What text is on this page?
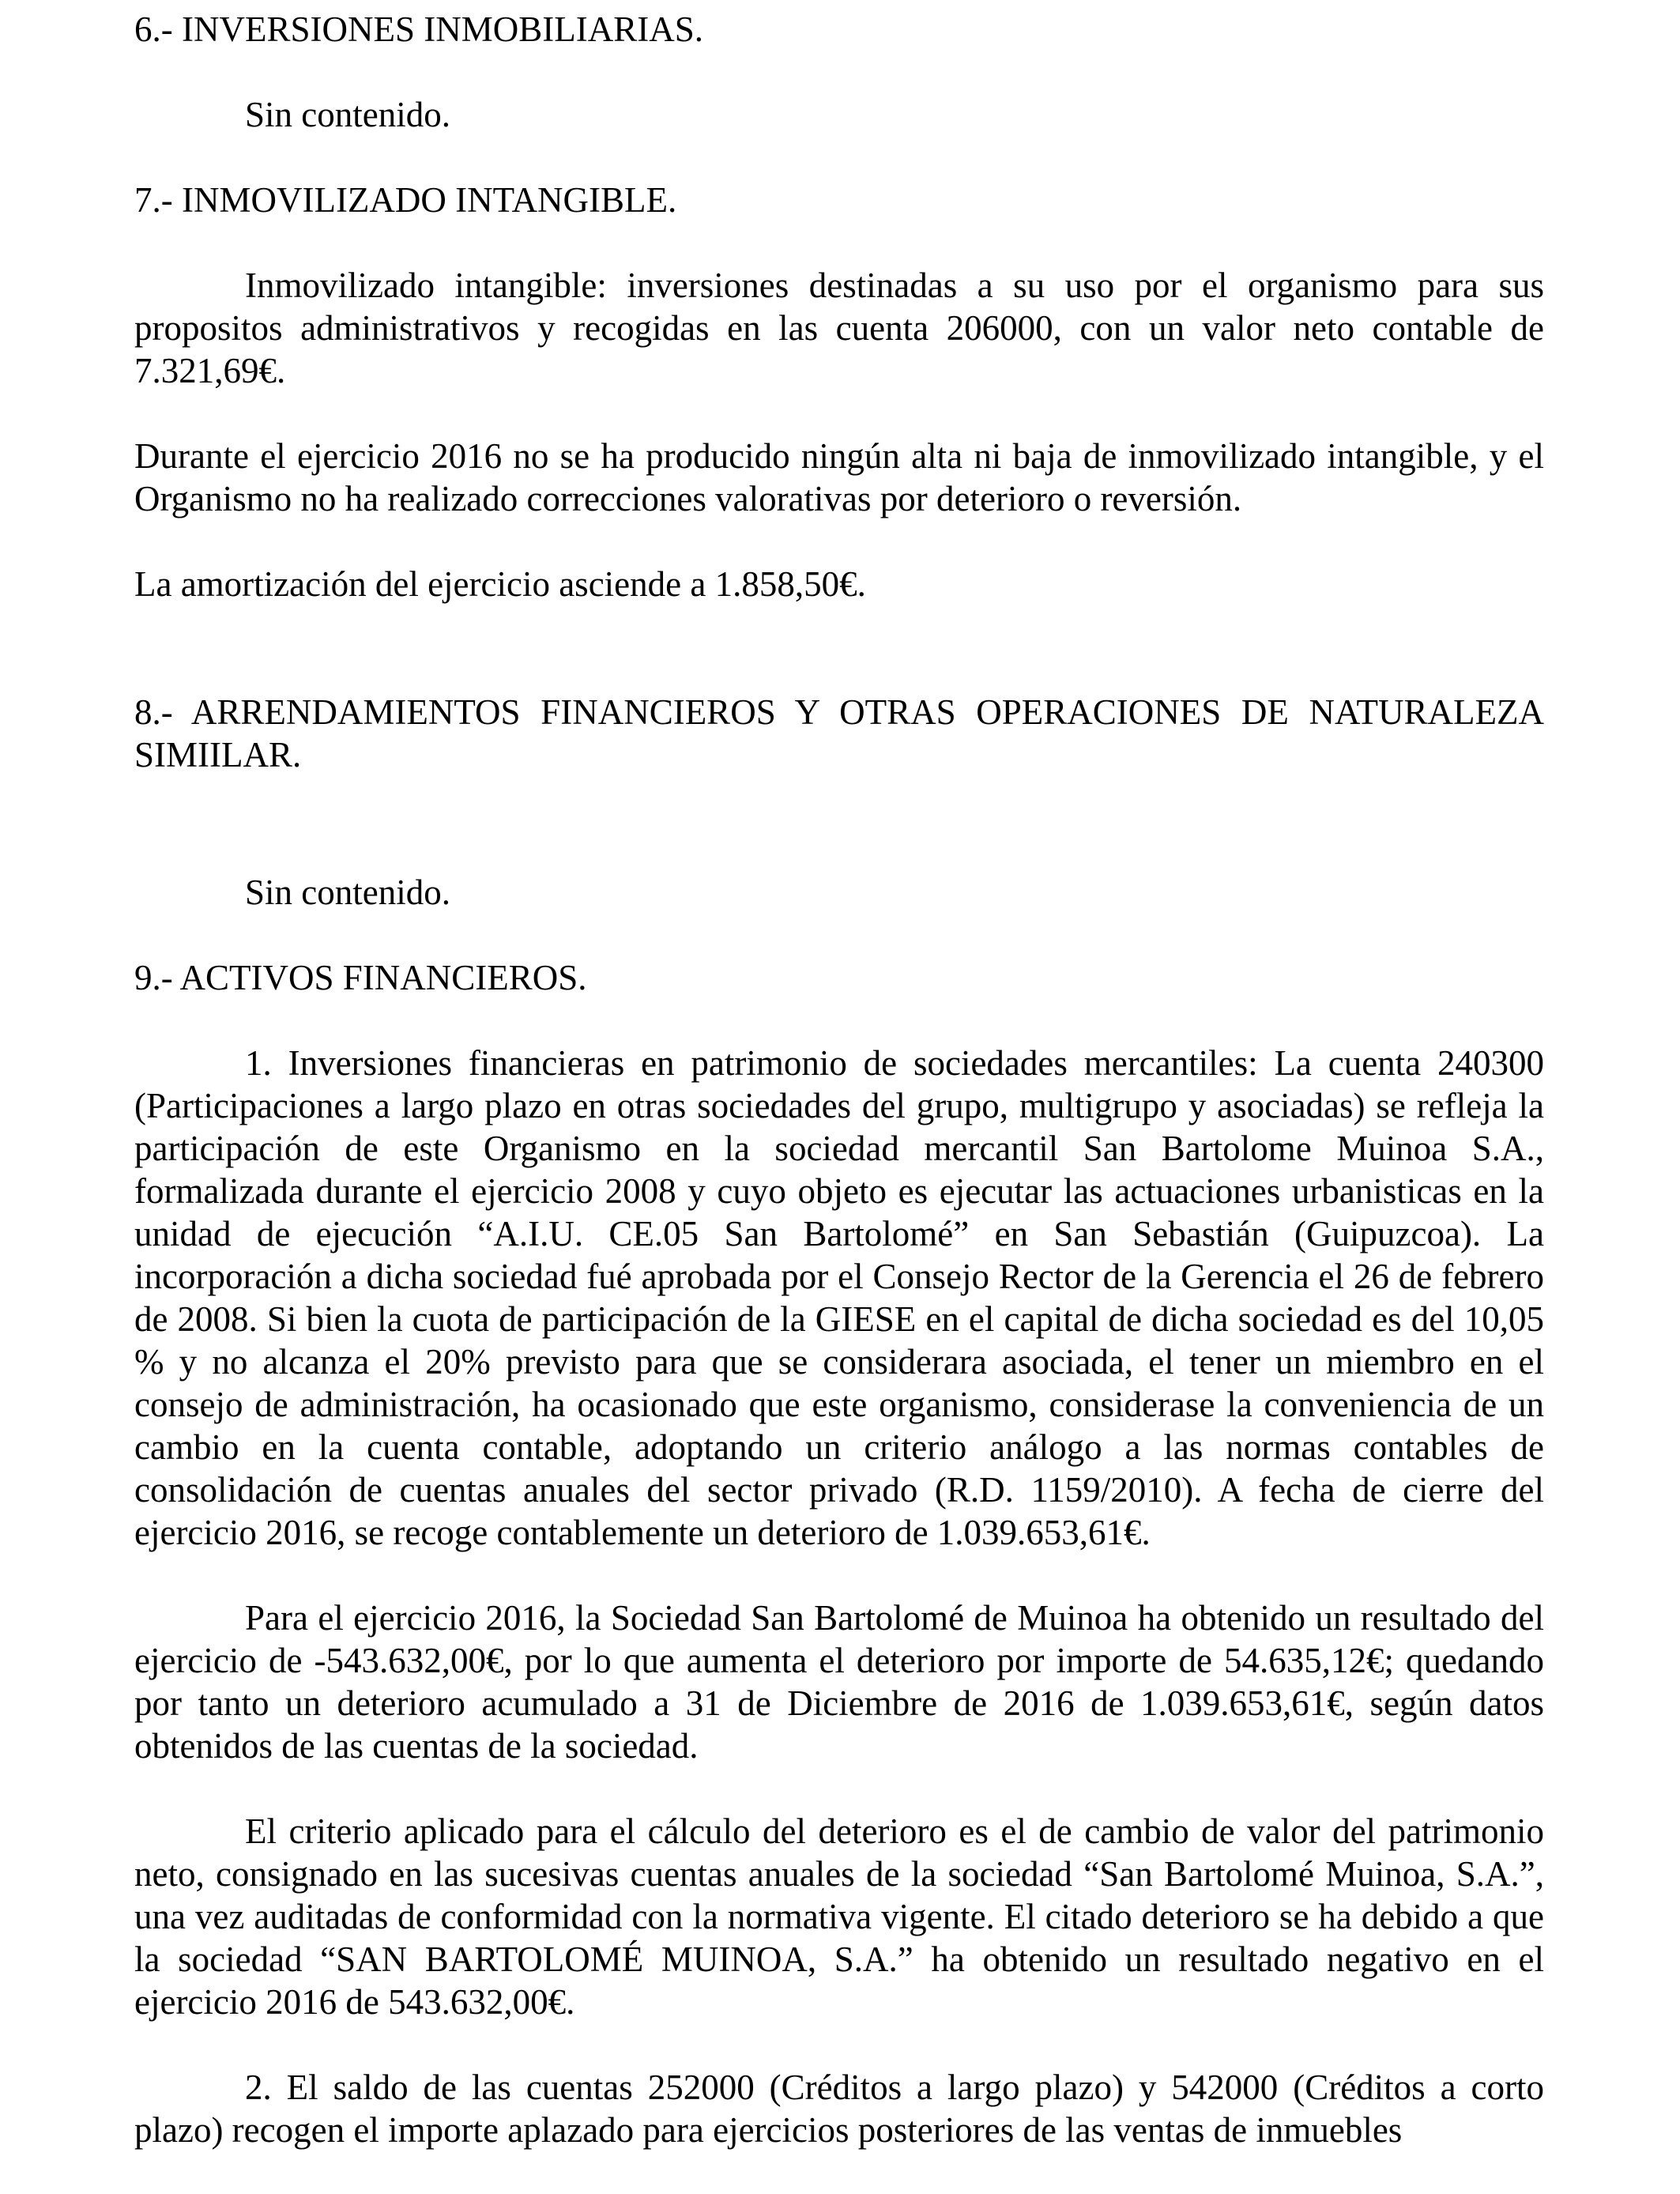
6.- INVERSIONES INMOBILIARIAS.

Sin contenido.

7.- INMOVILIZADO INTANGIBLE.

Inmovilizado intangible: inversiones destinadas a su uso por el organismo para sus propositos administrativos y recogidas en las cuenta 206000, con un valor neto contable de 7.321,69€.

Durante el ejercicio 2016 no se ha producido ningún alta ni baja de inmovilizado intangible, y el Organismo no ha realizado correcciones valorativas por deterioro o reversión.

La amortización del ejercicio asciende a 1.858,50€.

8.- ARRENDAMIENTOS FINANCIEROS Y OTRAS OPERACIONES DE NATURALEZA SIMIILAR.

Sin contenido.

9.- ACTIVOS FINANCIEROS.

1. Inversiones financieras en patrimonio de sociedades mercantiles: La cuenta 240300 (Participaciones a largo plazo en otras sociedades del grupo, multigrupo y asociadas) se refleja la participación de este Organismo en la sociedad mercantil San Bartolome Muinoa S.A., formalizada durante el ejercicio 2008 y cuyo objeto es ejecutar las actuaciones urbanisticas en la unidad de ejecución “A.I.U. CE.05 San Bartolomé” en San Sebastián (Guipuzcoa). La incorporación a dicha sociedad fué aprobada por el Consejo Rector de la Gerencia el 26 de febrero de 2008. Si bien la cuota de participación de la GIESE en el capital de dicha sociedad es del 10,05 % y no alcanza el 20% previsto para que se considerara asociada, el tener un miembro en el consejo de administración, ha ocasionado que este organismo, considerase la conveniencia de un cambio en la cuenta contable, adoptando un criterio análogo a las normas contables de consolidación de cuentas anuales del sector privado (R.D. 1159/2010). A fecha de cierre del ejercicio 2016, se recoge contablemente un deterioro de 1.039.653,61€.

Para el ejercicio 2016, la Sociedad San Bartolomé de Muinoa ha obtenido un resultado del ejercicio de -543.632,00€, por lo que aumenta el deterioro por importe de 54.635,12€; quedando por tanto un deterioro acumulado a 31 de Diciembre de 2016 de 1.039.653,61€, según datos obtenidos de las cuentas de la sociedad.

El criterio aplicado para el cálculo del deterioro es el de cambio de valor del patrimonio neto, consignado en las sucesivas cuentas anuales de la sociedad “San Bartolomé Muinoa, S.A.”, una vez auditadas de conformidad con la normativa vigente. El citado deterioro se ha debido a que la sociedad “SAN BARTOLOMÉ MUINOA, S.A.” ha obtenido un resultado negativo en el ejercicio 2016 de 543.632,00€.

2. El saldo de las cuentas 252000 (Créditos a largo plazo) y 542000 (Créditos a corto plazo) recogen el importe aplazado para ejercicios posteriores de las ventas de inmuebles
